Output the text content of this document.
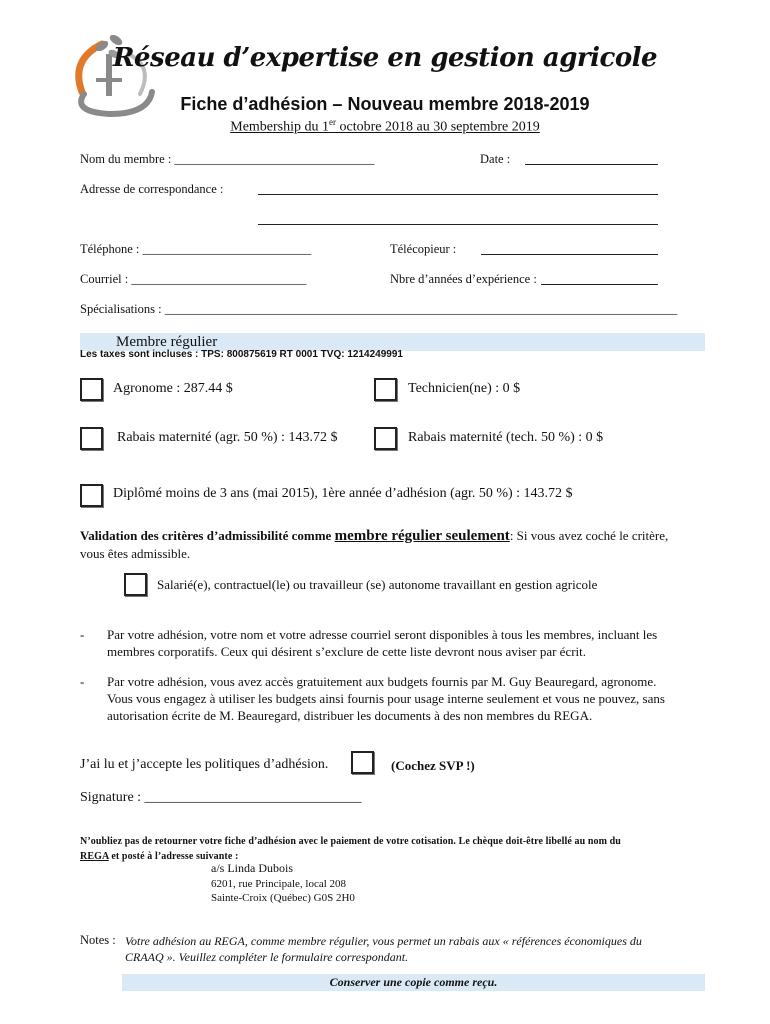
Réseau d’expertise en gestion agricole
Fiche d’adhésion – Nouveau membre 2018-2019
Membership du 1er octobre 2018 au 30 septembre 2019
Nom du membre : ________________________________	Date :
Adresse de correspondance :
Téléphone : ___________________________	Télécopieur :
Courriel : ____________________________	Nbre d’années d’expérience :
Spécialisations : __________________________________________________________________________________
Membre régulier
Les taxes sont incluses : TPS: 800875619 RT 0001 TVQ: 1214249991
Agronome : 287.44 $	Technicien(ne) : 0 $
Rabais maternité (agr. 50 %) : 143.72 $	Rabais maternité (tech. 50 %) : 0 $
Diplômé moins de 3 ans (mai 2015), 1ère année d’adhésion (agr. 50 %) : 143.72 $
Validation des critères d’admissibilité comme membre régulier seulement: Si vous avez coché le critère,
vous êtes admissible.
Salarié(e), contractuel(le) ou travailleur (se) autonome travaillant en gestion agricole
- Par votre adhésion, votre nom et votre adresse courriel seront disponibles à tous les membres, incluant les
membres corporatifs. Ceux qui désirent s’exclure de cette liste devront nous aviser par écrit.
- Par votre adhésion, vous avez accès gratuitement aux budgets fournis par M. Guy Beauregard, agronome.
Vous vous engagez à utiliser les budgets ainsi fournis pour usage interne seulement et vous ne pouvez, sans
autorisation écrite de M. Beauregard, distribuer les documents à des non membres du REGA.
J’ai lu et j’accepte les politiques d’adhésion.	(Cochez SVP !)
Signature : _______________________________
N’oubliez pas de retourner votre fiche d’adhésion avec le paiement de votre cotisation. Le chèque doit-être libellé au nom du
REGA et posté à l’adresse suivante :
a/s Linda Dubois
6201, rue Principale, local 208
Sainte-Croix (Québec) G0S 2H0
Notes : Votre adhésion au REGA, comme membre régulier, vous permet un rabais aux « références économiques du
CRAAQ ». Veuillez compléter le formulaire correspondant.
Conserver une copie comme reçu.
